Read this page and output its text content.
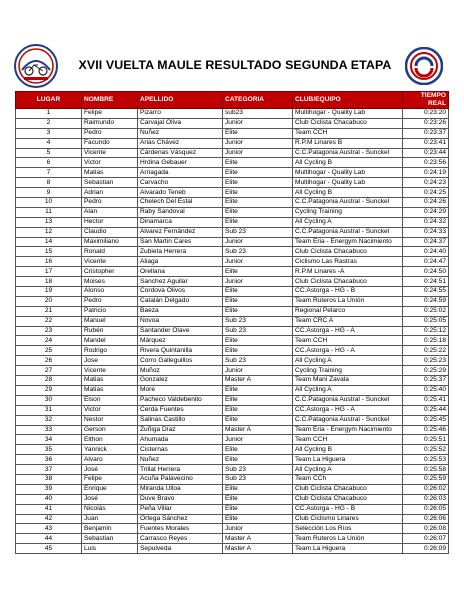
XVII VUELTA MAULE RESULTADO SEGUNDA ETAPA
LUGAR	NOMBRE	APELLIDO	CATEGORIA	CLUB/EQUIPO	TIEMPO REAL
1	Felipe	Pizarro	sub23	Multihogar - Quality Lab	0:23:20
2	Raimundo	Carvajal Oliva	Junior	Club Ciclista Chacabuco	0:23:26
3	Pedro	Nuñez	Elite	Team CCH	0:23:37
4	Facundo	Arias Chávez	Junior	R.P.M Linares B	0:23:41
5	Vicente	Cárdenas Vásquez	Junior	C.C.Patagonia Austral - Sunckel	0:23:44
6	Victor	Hrdina Gebauer	Elite	All Cycling B	0:23:56
7	Matias	Arriagada	Elite	Multihogar - Quality Lab	0:24:19
8	Sebastian	Carvacho	Elite	Multihogar - Quality Lab	0:24:23
9	Adrian	Alvarado Teneb	Elite	All Cycling B	0:24:25
10	Pedro	Chelech Del Estal	Elite	C.C.Patagonia Austral - Sunckel	0:24:26
11	Alan	Raby Sandoval	Elite	Cycling Training	0:24:29
13	Hector	Dinamarca	Elite	All Cycling A	0:24:32
12	Claudio	Alvarez Fernández	Sub 23	C.C.Patagonia Austral - Sunckel	0:24:33
14	Maximiliano	San Martin Cares	Junior	Team Eria - Energym Nacimiento	0:24:37
15	Ronald	Zubieta Herrera	Sub 23	Club Ciclista Chacabuco	0:24:40
16	Vicente	Aliaga	Junior	Ciclismo Las Rastras	0:24:47
17	Cristopher	Orellana	Elite	R.P.M Linares -A	0:24:50
18	Moises	Sanchez Aguilar	Junior	Club Ciclista Chacabuco	0:24:51
19	Alonso	Cordova Olivos	Elite	CC.Astorga - HG - B	0:24:55
20	Pedro	Catalán Delgado	Elite	Team Ruteros La Unión	0:24:59
21	Patricio	Baeza	Elite	Regional Pelarco	0:25:02
22	Manuel	Novoa	Sub 23	Team CRC A	0:25:05
23	Rubén	Santander Olave	Sub 23	CC.Astorga - HG - A	0:25:12
24	Mandel	Márquez	Elite	Team CCH	0:25:18
25	Rodrigo	Rivera Quintanilla	Elite	CC.Astorga - HG - A	0:25:22
26	Jose	Corro Galleguillos	Sub 23	All Cycling A	0:25:23
27	Vicente	Muñoz	Junior	Cycling Training	0:25:29
28	Matias	Gonzalez	Master A	Team Mani Zavala	0:25:37
29	Matias	More	Elite	All Cycling A	0:25:40
30	Elson	Pacheco Valdebenito	Elite	C.C.Patagonia Austral - Sunckel	0:25:41
31	Victor	Cerda Fuentes	Elite	CC.Astorga - HG - A	0:25:44
32	Nestor	Salinas Castillo	Elite	C.C.Patagonia Austral - Sunckel	0:25:45
33	Gerson	Zuñiga Díaz	Master A	Team Eria - Energym Nacimiento	0:25:46
34	Elthon	Ahumada	Junior	Team CCH	0:25:51
35	Yannick	Cisternas	Elite	All Cycling B	0:25:52
36	Alvaro	Nuñez	Elite	Team La Higuera	0:25:53
37	José	Trillat Herrera	Sub 23	All Cycling A	0:25:58
38	Felipe	Acuña Palavecino	Sub 23	Team CCh	0:25:59
39	Enrique	Miranda Ulloa	Elite	Club Ciclista Chacabuco	0:26:02
40	José	Duve Bravo	Elite	Club Ciclista Chacabuco	0:26:03
41	Nicolás	Peña Villar	Elite	CC.Astorga - HG - B	0:26:05
42	Juan	Ortega Sánchez	Elite	Club Ciclismo Linares	0:26:06
43	Benjamin	Fuentes Morales	Junior	Selección Los Ríos	0:26:08
44	Sebastian	Carrasco Reyes	Master A	Team Ruteros La Unión	0:26:07
45	Luis	Sepulveda	Master A	Team La Higuera	0:26:09
